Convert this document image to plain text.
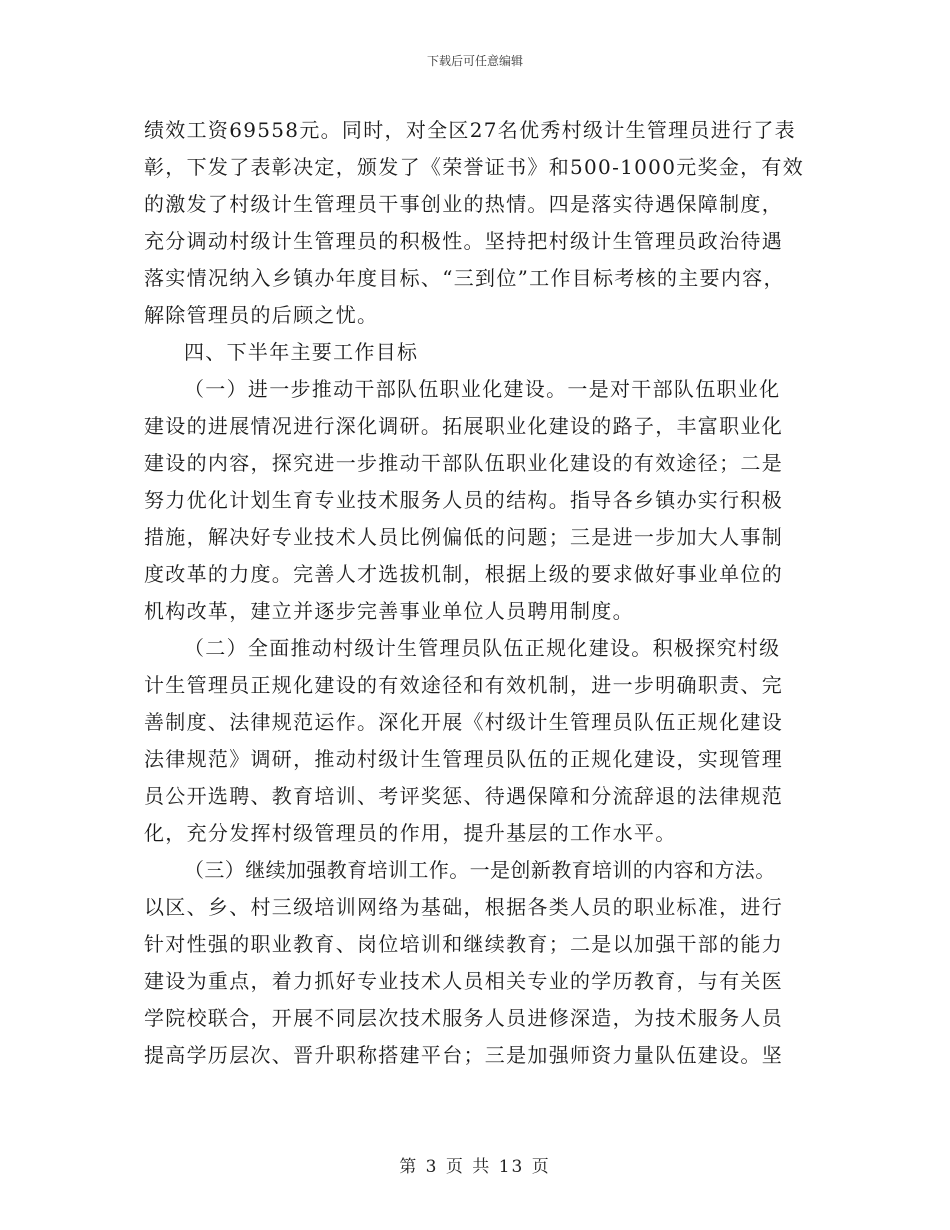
下载后可任意编辑

绩效工资69558元。同时，对全区27名优秀村级计生管理员进行了表

彰，下发了表彰决定，颁发了《荣誉证书》和500-1000元奖金，有效

的激发了村级计生管理员干事创业的热情。四是落实待遇保障制度，

充分调动村级计生管理员的积极性。坚持把村级计生管理员政治待遇

落实情况纳入乡镇办年度目标、“三到位”工作目标考核的主要内容，

解除管理员的后顾之忧。

四、下半年主要工作目标

（一）进一步推动干部队伍职业化建设。一是对干部队伍职业化

建设的进展情况进行深化调研。拓展职业化建设的路子，丰富职业化

建设的内容，探究进一步推动干部队伍职业化建设的有效途径；二是

努力优化计划生育专业技术服务人员的结构。指导各乡镇办实行积极

措施，解决好专业技术人员比例偏低的问题；三是进一步加大人事制

度改革的力度。完善人才选拔机制，根据上级的要求做好事业单位的

机构改革，建立并逐步完善事业单位人员聘用制度。

（二）全面推动村级计生管理员队伍正规化建设。积极探究村级

计生管理员正规化建设的有效途径和有效机制，进一步明确职责、完

善制度、法律规范运作。深化开展《村级计生管理员队伍正规化建设

法律规范》调研，推动村级计生管理员队伍的正规化建设，实现管理

员公开选聘、教育培训、考评奖惩、待遇保障和分流辞退的法律规范

化，充分发挥村级管理员的作用，提升基层的工作水平。

（三）继续加强教育培训工作。一是创新教育培训的内容和方法。

以区、乡、村三级培训网络为基础，根据各类人员的职业标准，进行

针对性强的职业教育、岗位培训和继续教育；二是以加强干部的能力

建设为重点，着力抓好专业技术人员相关专业的学历教育，与有关医

学院校联合，开展不同层次技术服务人员进修深造，为技术服务人员

提高学历层次、晋升职称搭建平台；三是加强师资力量队伍建设。坚

第 3 页 共 13 页
